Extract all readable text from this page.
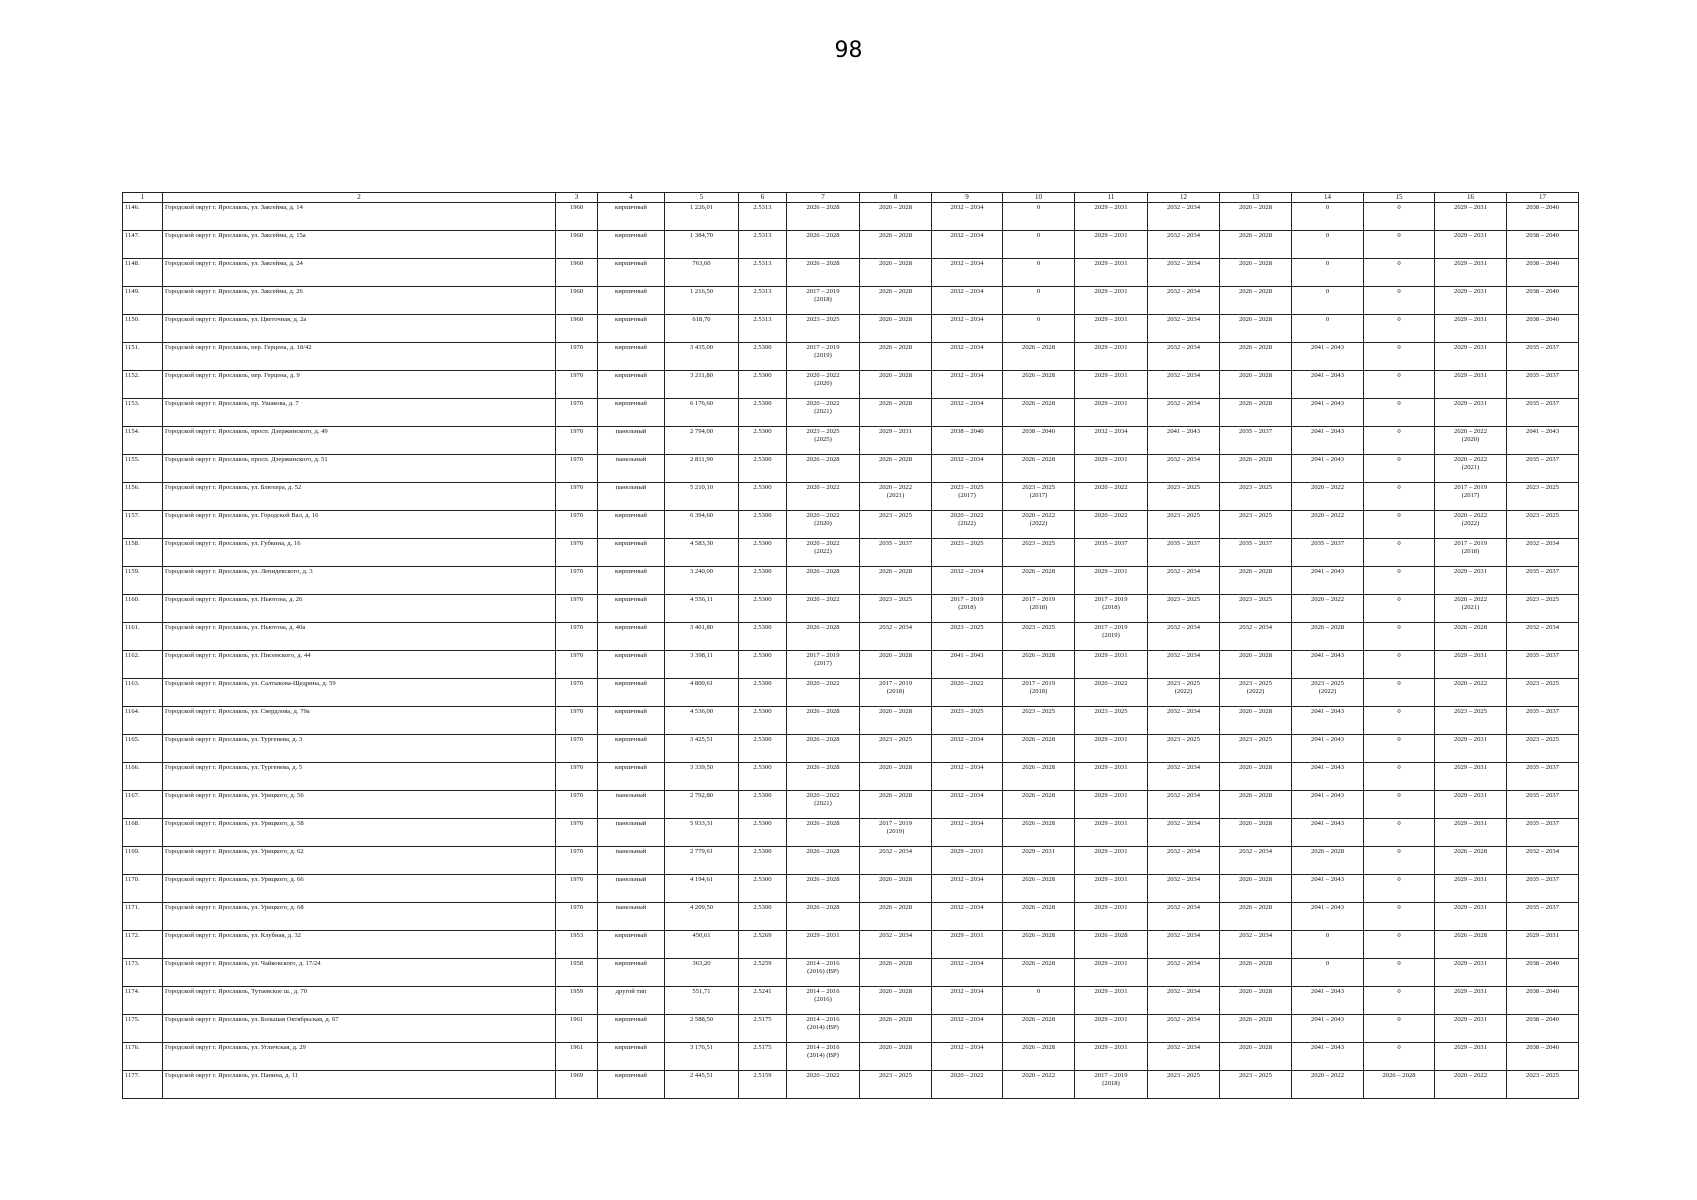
98
1	2	3	4	5	6	7	8	9	10	11	12	13	14	15	16	17
1146.	Городской округ г. Ярославль, ул. Закгейма, д. 14	1960	кирпичный	1 226,01	2.5313	2026 – 2028	2026 – 2028	2032 – 2034	0	2029 – 2031	2032 – 2034	2026 – 2028	0	0	2029 – 2031	2038 – 2040

1147.	Городской округ г. Ярославль, ул. Закгейма, д. 15а	1960	кирпичный	1 384,70	2.5313	2026 – 2028	2026 – 2028	2032 – 2034	0	2029 – 2031	2032 – 2034	2026 – 2028	0	0	2029 – 2031	2038 – 2040

1148.	Городской округ г. Ярославль, ул. Закгейма, д. 24	1960	кирпичный	763,60	2.5313	2026 – 2028	2026 – 2028	2032 – 2034	0	2029 – 2031	2032 – 2034	2026 – 2028	0	0	2029 – 2031	2038 – 2040

1149.	Городской округ г. Ярославль, ул. Закгейма, д. 26	1960	кирпичный	1 216,50	2.5313	2017 – 2019
(2018)	2026 – 2028	2032 – 2034	0	2029 – 2031	2032 – 2034	2026 – 2028	0	0	2029 – 2031	2038 – 2040

1150.	Городской округ г. Ярославль, ул. Цветочная, д. 2а	1960	кирпичный	618,70	2.5313	2023 – 2025	2026 – 2028	2032 – 2034	0	2029 – 2031	2032 – 2034	2026 – 2028	0	0	2029 – 2031	2038 – 2040

1151.	Городской округ г. Ярославль, пер. Герцена, д. 18/42	1970	кирпичный	3 435,00	2.5300	2017 – 2019
(2019)	2026 – 2028	2032 – 2034	2026 – 2028	2029 – 2031	2032 – 2034	2026 – 2028	2041 – 2043	0	2029 – 2031	2035 – 2037

1152.	Городской округ г. Ярославль, пер. Герцена, д. 9	1970	кирпичный	3 211,80	2.5300	2020 – 2022
(2020)	2026 – 2028	2032 – 2034	2026 – 2028	2029 – 2031	2032 – 2034	2026 – 2028	2041 – 2043	0	2029 – 2031	2035 – 2037

1153.	Городской округ г. Ярославль, пр. Ушакова, д. 7	1970	кирпичный	6 176,60	2.5300	2020 – 2022
(2021)	2026 – 2028	2032 – 2034	2026 – 2028	2029 – 2031	2032 – 2034	2026 – 2028	2041 – 2043	0	2029 – 2031	2035 – 2037

1154.	Городской округ г. Ярославль, просп. Дзержинского, д. 49	1970	панельный	2 794,00	2.5300	2023 – 2025
(2025)	2029 – 2031	2038 – 2040	2038 – 2040	2032 – 2034	2041 – 2043	2035 – 2037	2041 – 2043	0	2020 – 2022
(2020)	2041 – 2043

1155.	Городской округ г. Ярославль, просп. Дзержинского, д. 51	1970	панельный	2 811,90	2.5300	2026 – 2028	2026 – 2028	2032 – 2034	2026 – 2028	2029 – 2031	2032 – 2034	2026 – 2028	2041 – 2043	0	2020 – 2022
(2021)	2035 – 2037

1156.	Городской округ г. Ярославль, ул. Блюхера, д. 52	1970	панельный	5 210,10	2.5300	2020 – 2022	2020 – 2022
(2021)	2023 – 2025
(2017)	2023 – 2025
(2017)	2020 – 2022	2023 – 2025	2023 – 2025	2020 – 2022	0	2017 – 2019
(2017)	2023 – 2025

1157.	Городской округ г. Ярославль, ул. Городской Вал, д. 16	1970	кирпичный	6 394,60	2.5300	2020 – 2022
(2020)	2023 – 2025	2020 – 2022
(2022)	2020 – 2022
(2022)	2020 – 2022	2023 – 2025	2023 – 2025	2020 – 2022	0	2020 – 2022
(2022)	2023 – 2025

1158.	Городской округ г. Ярославль, ул. Губкина, д. 16	1970	кирпичный	4 583,30	2.5300	2020 – 2022
(2022)	2035 – 2037	2023 – 2025	2023 – 2025	2035 – 2037	2035 – 2037	2035 – 2037	2035 – 2037	0	2017 – 2019
(2018)	2032 – 2034

1159.	Городской округ г. Ярославль, ул. Лепидевского, д. 3	1970	кирпичный	3 240,00	2.5300	2026 – 2028	2026 – 2028	2032 – 2034	2026 – 2028	2029 – 2031	2032 – 2034	2026 – 2028	2041 – 2043	0	2029 – 2031	2035 – 2037

1160.	Городской округ г. Ярославль, ул. Ньютона, д. 26	1970	кирпичный	4 556,11	2.5300	2020 – 2022	2023 – 2025	2017 – 2019
(2018)	2017 – 2019
(2018)	2017 – 2019
(2018)	2023 – 2025	2023 – 2025	2020 – 2022	0	2020 – 2022
(2021)	2023 – 2025

1161.	Городской округ г. Ярославль, ул. Ньютона, д. 40а	1970	кирпичный	3 401,80	2.5300	2026 – 2028	2032 – 2034	2023 – 2025	2023 – 2025	2017 – 2019
(2019)	2032 – 2034	2032 – 2034	2026 – 2028	0	2026 – 2028	2032 – 2034

1162.	Городской округ г. Ярославль, ул. Писемского, д. 44	1970	кирпичный	3 398,11	2.5300	2017 – 2019
(2017)	2026 – 2028	2041 – 2043	2026 – 2028	2029 – 2031	2032 – 2034	2026 – 2028	2041 – 2043	0	2029 – 2031	2035 – 2037

1163.	Городской округ г. Ярославль, ул. Салтыкова-Щедрина, д. 59	1970	кирпичный	4 800,61	2.5300	2020 – 2022	2017 – 2019
(2018)	2020 – 2022	2017 – 2019
(2018)	2020 – 2022	2023 – 2025
(2022)	2023 – 2025
(2022)	2023 – 2025
(2022)	0	2020 – 2022	2023 – 2025

1164.	Городской округ г. Ярославль, ул. Свердлова, д. 79а	1970	кирпичный	4 536,00	2.5300	2026 – 2028	2026 – 2028	2023 – 2025	2023 – 2025	2023 – 2025	2032 – 2034	2026 – 2028	2041 – 2043	0	2023 – 2025	2035 – 2037

1165.	Городской округ г. Ярославль, ул. Тургенева, д. 3	1970	кирпичный	3 425,51	2.5300	2026 – 2028	2023 – 2025	2032 – 2034	2026 – 2028	2029 – 2031	2023 – 2025	2023 – 2025	2041 – 2043	0	2029 – 2031	2023 – 2025

1166.	Городской округ г. Ярославль, ул. Тургенева, д. 5	1970	кирпичный	3 339,50	2.5300	2026 – 2028	2026 – 2028	2032 – 2034	2026 – 2028	2029 – 2031	2032 – 2034	2026 – 2028	2041 – 2043	0	2029 – 2031	2035 – 2037

1167.	Городской округ г. Ярославль, ул. Урицкого, д. 56	1970	панельный	2 792,80	2.5300	2020 – 2022
(2021)	2026 – 2028	2032 – 2034	2026 – 2028	2029 – 2031	2032 – 2034	2026 – 2028	2041 – 2043	0	2029 – 2031	2035 – 2037

1168.	Городской округ г. Ярославль, ул. Урицкого, д. 58	1970	панельный	5 933,31	2.5300	2026 – 2028	2017 – 2019
(2019)	2032 – 2034	2026 – 2028	2029 – 2031	2032 – 2034	2026 – 2028	2041 – 2043	0	2029 – 2031	2035 – 2037

1169.	Городской округ г. Ярославль, ул. Урицкого, д. 62	1970	панельный	2 779,61	2.5300	2026 – 2028	2032 – 2034	2029 – 2031	2029 – 2031	2029 – 2031	2032 – 2034	2032 – 2034	2026 – 2028	0	2026 – 2028	2032 – 2034

1170.	Городской округ г. Ярославль, ул. Урицкого, д. 66	1970	панельный	4 194,61	2.5300	2026 – 2028	2026 – 2028	2032 – 2034	2026 – 2028	2029 – 2031	2032 – 2034	2026 – 2028	2041 – 2043	0	2029 – 2031	2035 – 2037

1171.	Городской округ г. Ярославль, ул. Урицкого, д. 68	1970	панельный	4 209,50	2.5300	2026 – 2028	2026 – 2028	2032 – 2034	2026 – 2028	2029 – 2031	2032 – 2034	2026 – 2028	2041 – 2043	0	2029 – 2031	2035 – 2037

1172.	Городской округ г. Ярославль, ул. Клубная, д. 32	1953	кирпичный	450,61	2.5269	2029 – 2031	2032 – 2034	2029 – 2031	2026 – 2028	2026 – 2028	2032 – 2034	2032 – 2034	0	0	2026 – 2028	2029 – 2031

1173.	Городской округ г. Ярославль, ул. Чайковского, д. 17/24	1958	кирпичный	363,20	2.5259	2014 – 2016
(2016) (ВР)	2026 – 2028	2032 – 2034	2026 – 2028	2029 – 2031	2032 – 2034	2026 – 2028	0	0	2029 – 2031	2038 – 2040

1174.	Городской округ г. Ярославль, Тутаевское ш., д. 70	1959	другой тип	551,71	2.5241	2014 – 2016
(2016)	2026 – 2028	2032 – 2034	0	2029 – 2031	2032 – 2034	2026 – 2028	2041 – 2043	0	2029 – 2031	2038 – 2040

1175.	Городской округ г. Ярославль, ул. Большая Октябрьская, д. 67	1961	кирпичный	2 588,50	2.5175	2014 – 2016
(2014) (ВР)	2026 – 2028	2032 – 2034	2026 – 2028	2029 – 2031	2032 – 2034	2026 – 2028	2041 – 2043	0	2029 – 2031	2038 – 2040

1176.	Городской округ г. Ярославль, ул. Угличская, д. 29	1961	кирпичный	3 176,51	2.5175	2014 – 2016
(2014) (ВР)	2026 – 2028	2032 – 2034	2026 – 2028	2029 – 2031	2032 – 2034	2026 – 2028	2041 – 2043	0	2029 – 2031	2038 – 2040

1177.	Городской округ г. Ярославль, ул. Панина, д. 11	1969	кирпичный	2 445,51	2.5159	2020 – 2022	2023 – 2025	2020 – 2022	2020 – 2022	2017 – 2019
(2018)	2023 – 2025	2023 – 2025	2020 – 2022	2026 – 2028	2020 – 2022	2023 – 2025
